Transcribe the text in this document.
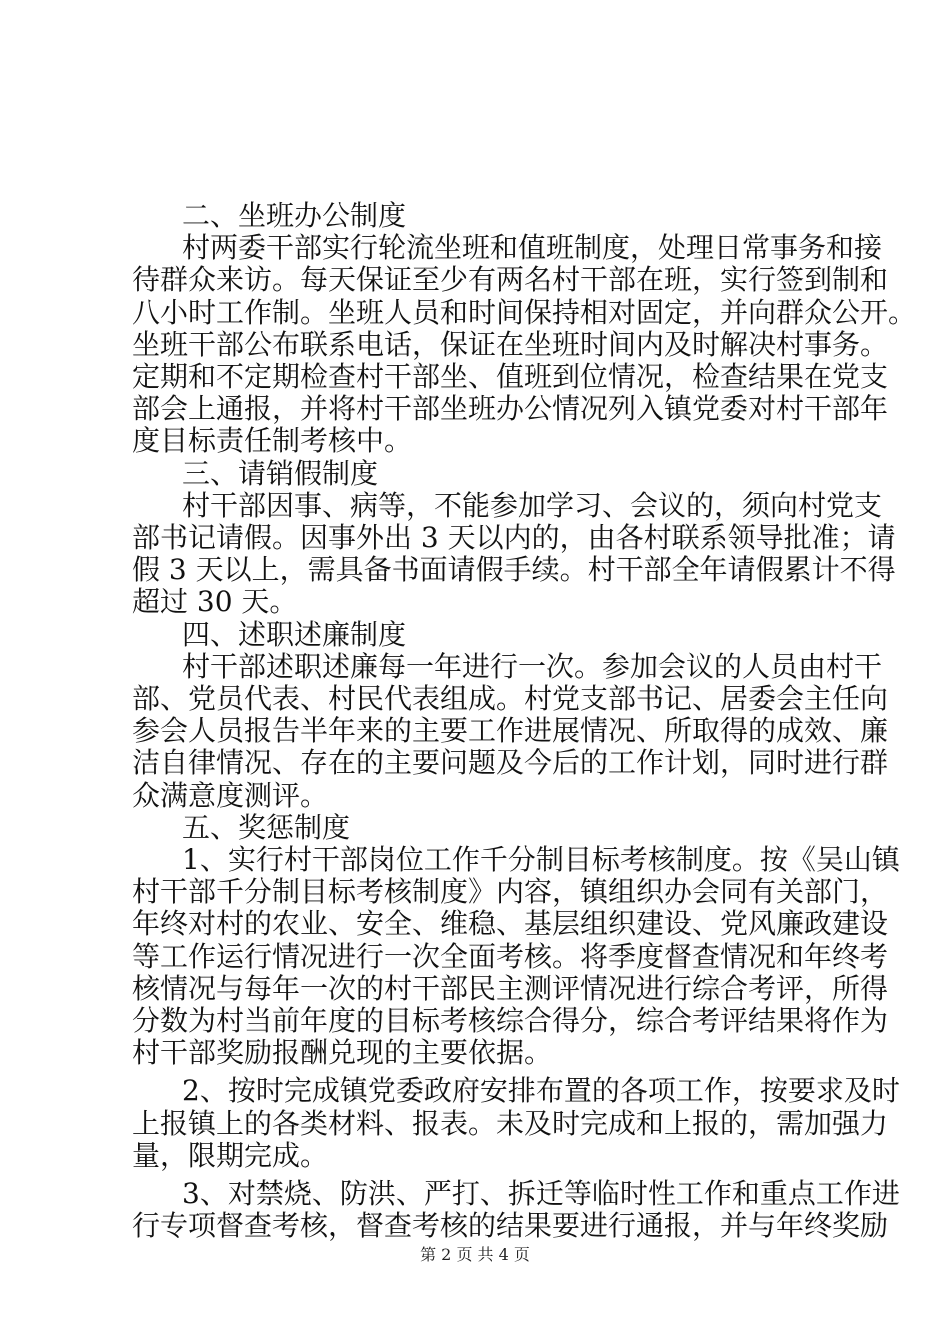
二、坐班办公制度
村两委干部实行轮流坐班和值班制度，处理日常事务和接
待群众来访。每天保证至少有两名村干部在班，实行签到制和
八小时工作制。坐班人员和时间保持相对固定，并向群众公开。
坐班干部公布联系电话，保证在坐班时间内及时解决村事务。
定期和不定期检查村干部坐、值班到位情况，检查结果在党支
部会上通报，并将村干部坐班办公情况列入镇党委对村干部年
度目标责任制考核中。
三、请销假制度
村干部因事、病等，不能参加学习、会议的，须向村党支
部书记请假。因事外出 3 天以内的，由各村联系领导批准；请
假 3 天以上，需具备书面请假手续。村干部全年请假累计不得
超过 30 天。
四、述职述廉制度
村干部述职述廉每一年进行一次。参加会议的人员由村干
部、党员代表、村民代表组成。村党支部书记、居委会主任向
参会人员报告半年来的主要工作进展情况、所取得的成效、廉
洁自律情况、存在的主要问题及今后的工作计划，同时进行群
众满意度测评。
五、奖惩制度
1、实行村干部岗位工作千分制目标考核制度。按《吴山镇
村干部千分制目标考核制度》内容，镇组织办会同有关部门，
年终对村的农业、安全、维稳、基层组织建设、党风廉政建设
等工作运行情况进行一次全面考核。将季度督查情况和年终考
核情况与每年一次的村干部民主测评情况进行综合考评，所得
分数为村当前年度的目标考核综合得分，综合考评结果将作为
村干部奖励报酬兑现的主要依据。
2、按时完成镇党委政府安排布置的各项工作，按要求及时
上报镇上的各类材料、报表。未及时完成和上报的，需加强力
量，限期完成。
3、对禁烧、防洪、严打、拆迁等临时性工作和重点工作进
行专项督查考核，督查考核的结果要进行通报，并与年终奖励
第 2 页 共 4 页
